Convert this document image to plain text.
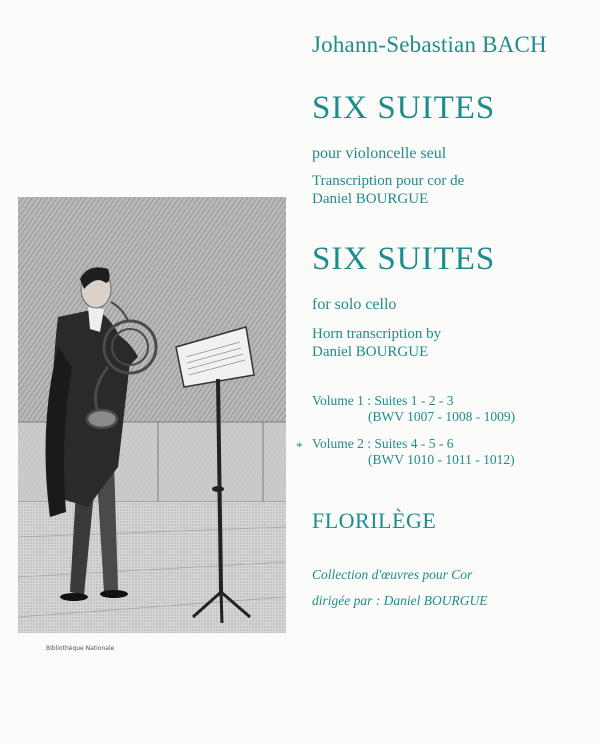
Johann-Sebastian BACH
SIX SUITES
pour violoncelle seul
Transcription pour cor de
Daniel BOURGUE
SIX SUITES
for solo cello
Horn transcription by
Daniel BOURGUE
Volume 1 : Suites 1 - 2 - 3
(BWV 1007 - 1008 - 1009)
* Volume 2 : Suites 4 - 5 - 6
(BWV 1010 - 1011 - 1012)
FLORILÈGE
Collection d'œuvres pour Cor
dirigée par : Daniel BOURGUE
Bibliothèque Nationale
